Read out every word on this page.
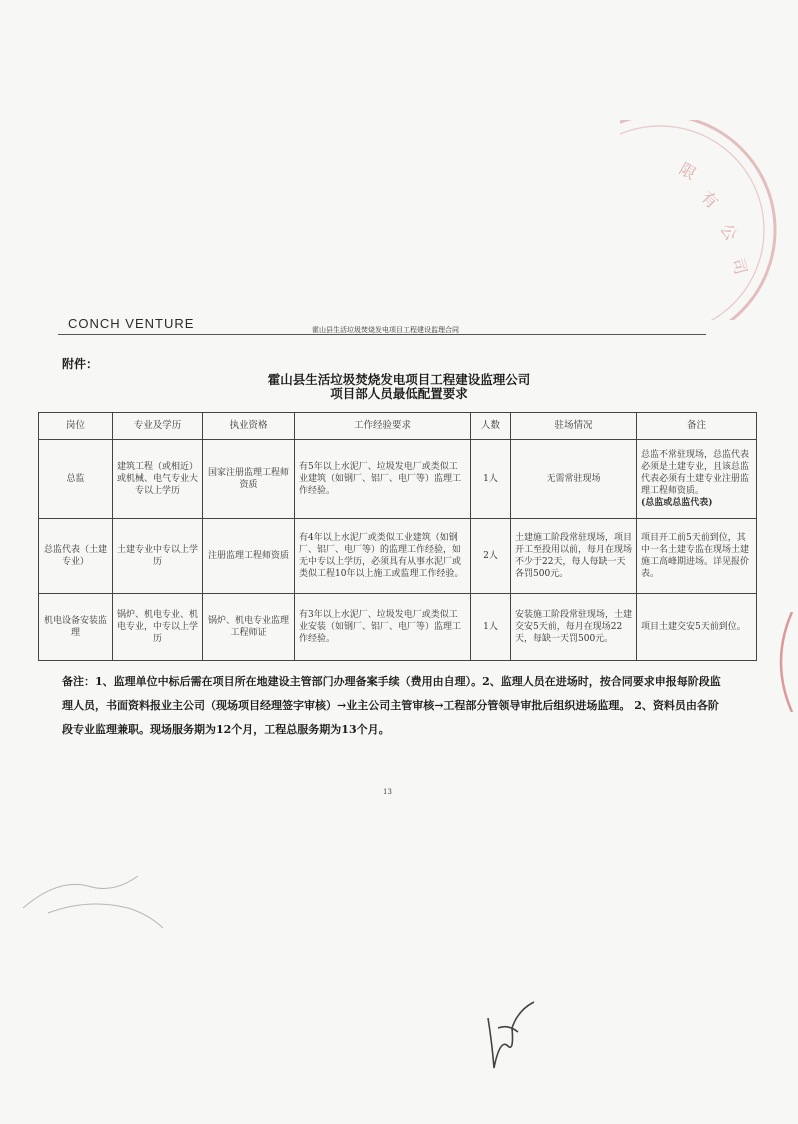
限
有
公
司
CONCH VENTURE	霍山县生活垃圾焚烧发电项目工程建设监理合同
附件：
霍山县生活垃圾焚烧发电项目工程建设监理公司
项目部人员最低配置要求
岗位	专业及学历	执业资格	工作经验要求	人数	驻场情况	备注
总监	建筑工程（或相近）或机械、电气专业大专以上学历	国家注册监理工程师资质	有5年以上水泥厂、垃圾发电厂或类似工业建筑（如钢厂、铝厂、电厂等）监理工作经验。	1人	无需常驻现场	总监不常驻现场，总监代表必须是土建专业，且该总监代表必须有土建专业注册监理工程师资质。
(总监或总监代表)

总监代表（土建专业）	土建专业中专以上学历	注册监理工程师资质	有4年以上水泥厂或类似工业建筑（如钢厂、铝厂、电厂等）的监理工作经验，如无中专以上学历，必须具有从事水泥厂或类似工程10年以上施工或监理工作经验。	2人	土建施工阶段常驻现场，项目开工至投用以前，每月在现场不少于22天，每人每缺一天各罚500元。	项目开工前5天前到位，其中一名土建专监在现场土建施工高峰期进场。详见报价表。
机电设备安装监理	锅炉、机电专业、机电专业，中专以上学历	锅炉、机电专业监理工程师证	有3年以上水泥厂、垃圾发电厂或类似工业安装（如钢厂、铝厂、电厂等）监理工作经验。	1人	安装施工阶段常驻现场，土建交安5天前，每月在现场22天，每缺一天罚500元。	项目土建交安5天前到位。
备注：1、监理单位中标后需在项目所在地建设主管部门办理备案手续（费用由自理）。2、监理人员在进场时，按合同要求申报每阶段监理人员，书面资料报业主公司（现场项目经理签字审核）→业主公司主管审核→工程部分管领导审批后组织进场监理。 2、资料员由各阶段专业监理兼职。现场服务期为12个月，工程总服务期为13个月。
13
